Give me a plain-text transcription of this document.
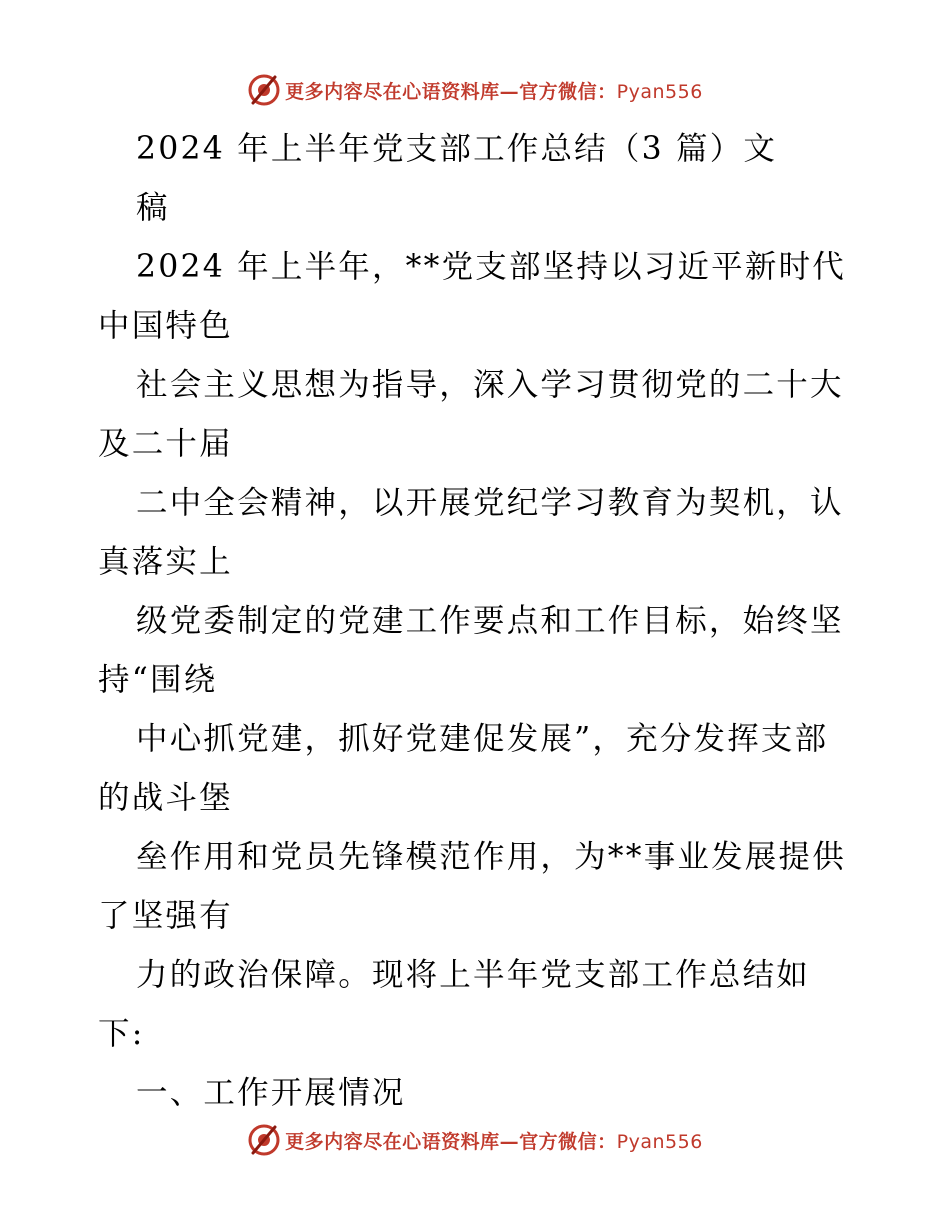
更多内容尽在心语资料库—官方微信：Pyan556

2024 年上半年党支部工作总结（3 篇）文

稿

2024 年上半年，**党支部坚持以习近平新时代

中国特色

社会主义思想为指导，深入学习贯彻党的二十大

及二十届

二中全会精神，以开展党纪学习教育为契机，认

真落实上

级党委制定的党建工作要点和工作目标，始终坚

持“围绕

中心抓党建，抓好党建促发展”，充分发挥支部

的战斗堡

垒作用和党员先锋模范作用，为**事业发展提供

了坚强有

力的政治保障。现将上半年党支部工作总结如

下:

一、工作开展情况

更多内容尽在心语资料库—官方微信：Pyan556
